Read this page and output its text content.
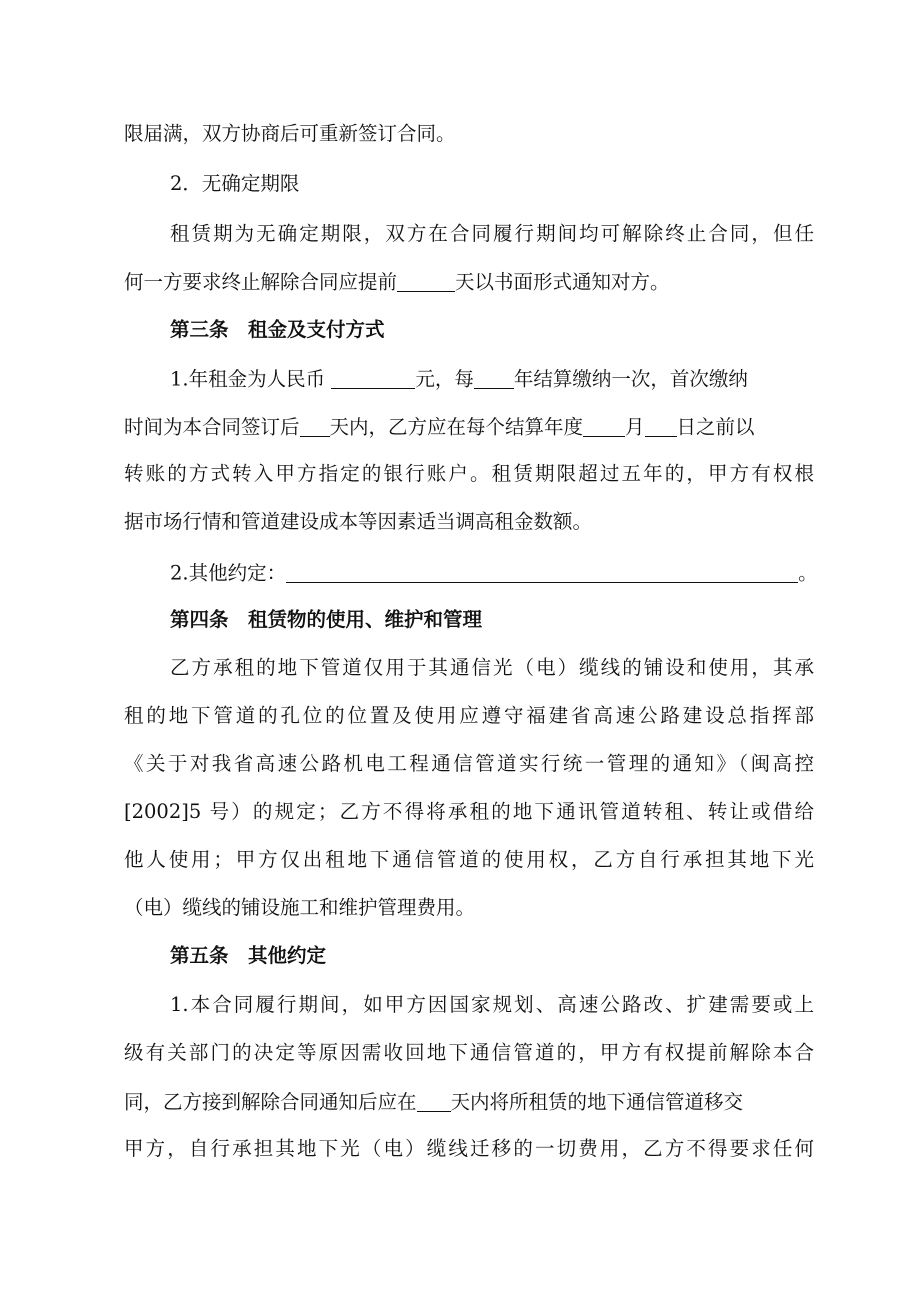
www.zixin.com.cn
限届满，双方协商后可重新签订合同。
2．无确定期限
租赁期为无确定期限，双方在合同履行期间均可解除终止合同，但任
何一方要求终止解除合同应提前	天以书面形式通知对方。
第三条　租金及支付方式
1.年租金为人民币	元，每 年结算缴纳一次，首次缴纳
时间为本合同签订后 天内，乙方应在每个结算年度 月 日之前以
转账的方式转入甲方指定的银行账户。租赁期限超过五年的，甲方有权根
据市场行情和管道建设成本等因素适当调高租金数额。
2.其他约定：	。
第四条　租赁物的使用、维护和管理
乙方承租的地下管道仅用于其通信光（电）缆线的铺设和使用，其承
租的地下管道的孔位的位置及使用应遵守福建省高速公路建设总指挥部
《关于对我省高速公路机电工程通信管道实行统一管理的通知》（闽高控
[2002]5 号）的规定；乙方不得将承租的地下通讯管道转租、转让或借给
他人使用；甲方仅出租地下通信管道的使用权，乙方自行承担其地下光
（电）缆线的铺设施工和维护管理费用。
第五条　其他约定
1.本合同履行期间，如甲方因国家规划、高速公路改、扩建需要或上
级有关部门的决定等原因需收回地下通信管道的，甲方有权提前解除本合
同，乙方接到解除合同通知后应在 天内将所租赁的地下通信管道移交
甲方，自行承担其地下光（电）缆线迁移的一切费用，乙方不得要求任何
